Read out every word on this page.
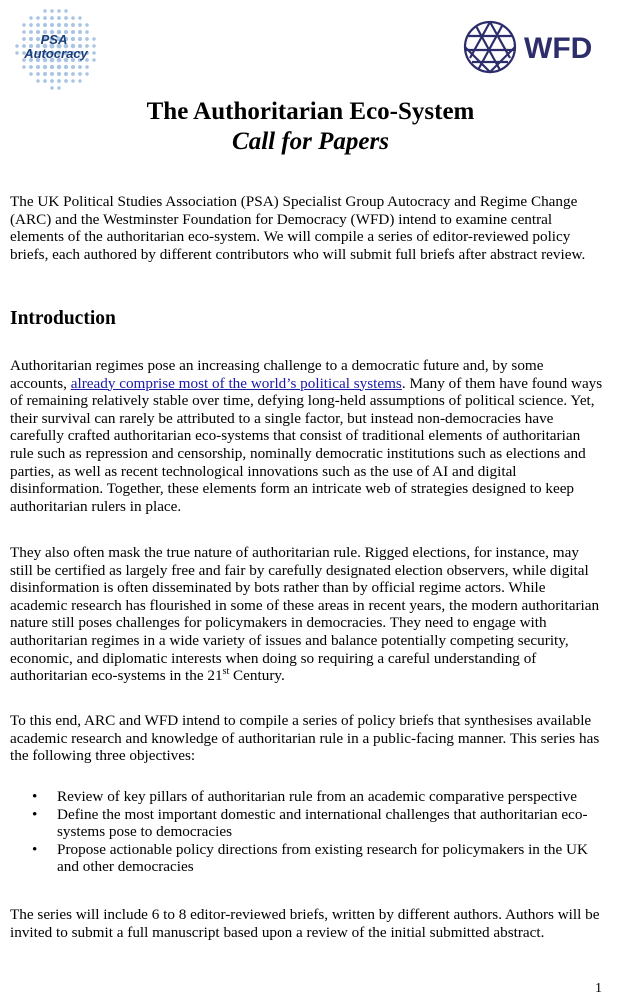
PSA
Autocracy	WFD

The Authoritarian Eco-System

Call for Papers

The UK Political Studies Association (PSA) Specialist Group Autocracy and Regime Change (ARC) and the Westminster Foundation for Democracy (WFD) intend to examine central elements of the authoritarian eco-system. We will compile a series of editor-reviewed policy briefs, each authored by different contributors who will submit full briefs after abstract review.

Introduction

Authoritarian regimes pose an increasing challenge to a democratic future and, by some accounts, already comprise most of the world’s political systems. Many of them have found ways of remaining relatively stable over time, defying long-held assumptions of political science. Yet, their survival can rarely be attributed to a single factor, but instead non-democracies have carefully crafted authoritarian eco-systems that consist of traditional elements of authoritarian rule such as repression and censorship, nominally democratic institutions such as elections and parties, as well as recent technological innovations such as the use of AI and digital disinformation. Together, these elements form an intricate web of strategies designed to keep authoritarian rulers in place.

They also often mask the true nature of authoritarian rule. Rigged elections, for instance, may still be certified as largely free and fair by carefully designated election observers, while digital disinformation is often disseminated by bots rather than by official regime actors. While academic research has flourished in some of these areas in recent years, the modern authoritarian nature still poses challenges for policymakers in democracies. They need to engage with authoritarian regimes in a wide variety of issues and balance potentially competing security, economic, and diplomatic interests when doing so requiring a careful understanding of authoritarian eco-systems in the 21st Century.

To this end, ARC and WFD intend to compile a series of policy briefs that synthesises available academic research and knowledge of authoritarian rule in a public-facing manner. This series has the following three objectives:

• Review of key pillars of authoritarian rule from an academic comparative perspective
• Define the most important domestic and international challenges that authoritarian eco-systems pose to democracies
• Propose actionable policy directions from existing research for policymakers in the UK and other democracies

The series will include 6 to 8 editor-reviewed briefs, written by different authors. Authors will be invited to submit a full manuscript based upon a review of the initial submitted abstract.

1
